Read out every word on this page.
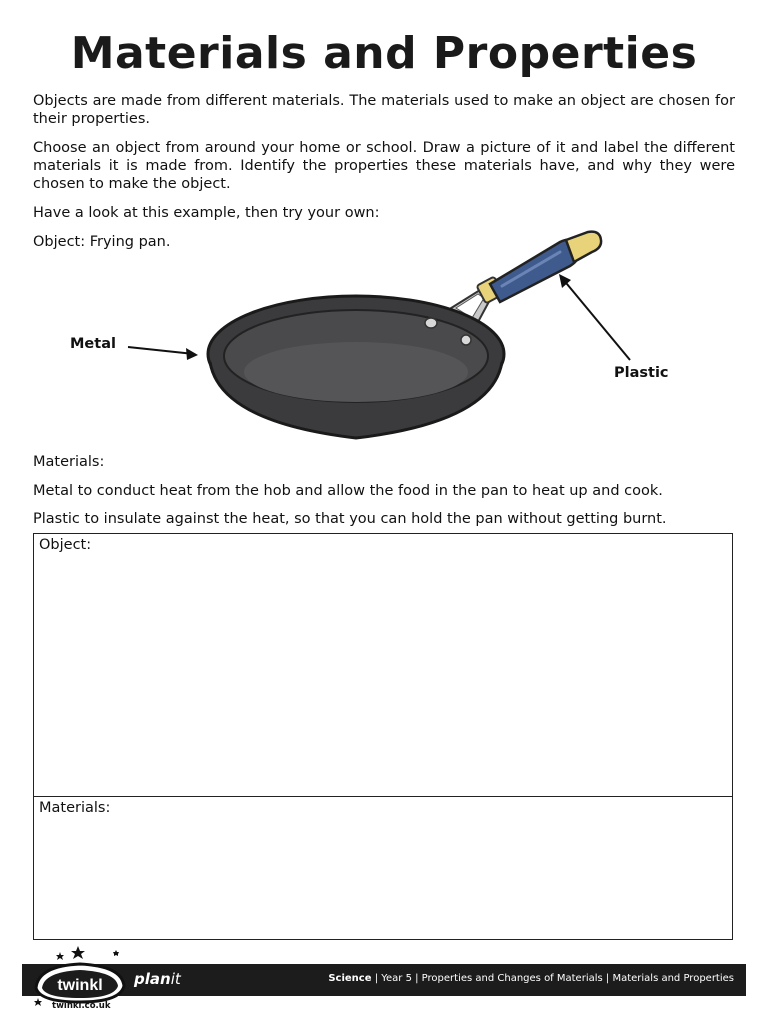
Materials and Properties

Objects are made from different materials. The materials used to make an object are chosen for their properties.

Choose an object from around your home or school. Draw a picture of it and label the different materials it is made from. Identify the properties these materials have, and why they were chosen to make the object.

Have a look at this example, then try your own:

Object: Frying pan.

Metal
Plastic

Materials:

Metal to conduct heat from the hob and allow the food in the pan to heat up and cook.

Plastic to insulate against the heat, so that you can hold the pan without getting burnt.

Object:
Materials:
Science | Year 5 | Properties and Changes of Materials | Materials and Properties
twinkl planit
twinkl.co.uk
